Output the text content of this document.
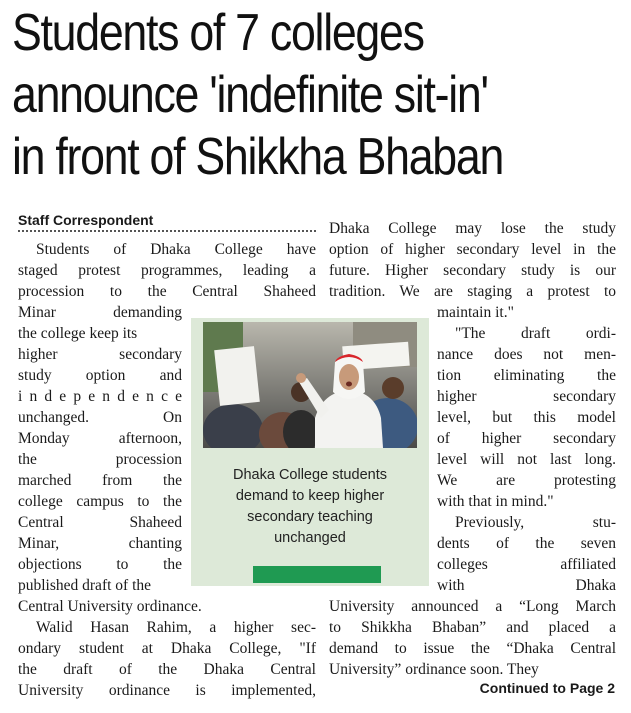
Students of 7 colleges
announce 'indefinite sit-in'
in front of Shikkha Bhaban
Staff Correspondent
Students of Dhaka College have
staged protest programmes, leading a
procession to the Central Shaheed
Minar demanding
the college keep its
higher secondary
study option and
i n d e p e n d e n c e
unchanged. On
Monday afternoon,
the procession
marched from the
college campus to the
Central Shaheed
Minar, chanting
objections to the
published draft of the
Central University ordinance.
Walid Hasan Rahim, a higher sec-
ondary student at Dhaka College, "If
the draft of the Dhaka Central
University ordinance is implemented,
Dhaka College may lose the study
option of higher secondary level in the
future. Higher secondary study is our
tradition. We are staging a protest to
maintain it."
"The draft ordi-
nance does not men-
tion eliminating the
higher secondary
level, but this model
of higher secondary
level will not last long.
We are protesting
with that in mind."
Previously, stu-
dents of the seven
colleges affiliated
with Dhaka
University announced a “Long March
to Shikkha Bhaban” and placed a
demand to issue the “Dhaka Central
University” ordinance soon. They
Dhaka College students
demand to keep higher
secondary teaching
unchanged
Continued to Page 2
